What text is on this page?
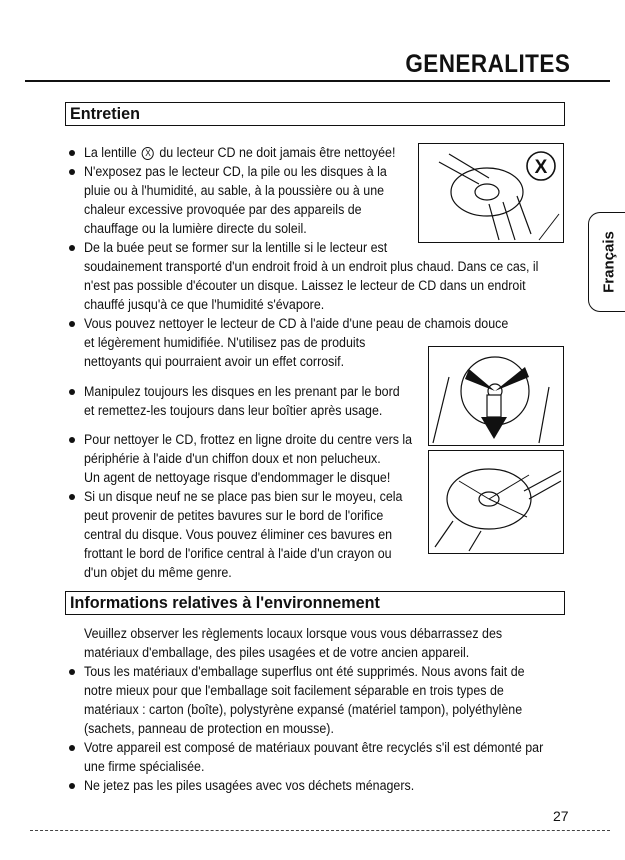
GENERALITES
Français
Entretien
La lentille X du lecteur CD ne doit jamais être nettoyée!
N'exposez pas le lecteur CD, la pile ou les disques à la
pluie ou à l'humidité, au sable, à la poussière ou à une
chaleur excessive provoquée par des appareils de
chauffage ou la lumière directe du soleil.
De la buée peut se former sur la lentille si le lecteur est
soudainement transporté d'un endroit froid à un endroit plus chaud. Dans ce cas, il
n'est pas possible d'écouter un disque. Laissez le lecteur de CD dans un endroit
chauffé jusqu'à ce que l'humidité s'évapore.
Vous pouvez nettoyer le lecteur de CD à l'aide d'une peau de chamois douce
et légèrement humidifiée. N'utilisez pas de produits
nettoyants qui pourraient avoir un effet corrosif.
Manipulez toujours les disques en les prenant par le bord
et remettez-les toujours dans leur boîtier après usage.
Pour nettoyer le CD, frottez en ligne droite du centre vers la
périphérie à l'aide d'un chiffon doux et non pelucheux.
Un agent de nettoyage risque d'endommager le disque!
Si un disque neuf ne se place pas bien sur le moyeu, cela
peut provenir de petites bavures sur le bord de l'orifice
central du disque. Vous pouvez éliminer ces bavures en
frottant le bord de l'orifice central à l'aide d'un crayon ou
d'un objet du même genre.
X
Informations relatives à l'environnement
Veuillez observer les règlements locaux lorsque vous vous débarrassez des
matériaux d'emballage, des piles usagées et de votre ancien appareil.
Tous les matériaux d'emballage superflus ont été supprimés. Nous avons fait de
notre mieux pour que l'emballage soit facilement séparable en trois types de
matériaux : carton (boîte), polystyrène expansé (matériel tampon), polyéthylène
(sachets, panneau de protection en mousse).
Votre appareil est composé de matériaux pouvant être recyclés s'il est démonté par
une firme spécialisée.
Ne jetez pas les piles usagées avec vos déchets ménagers.
27
